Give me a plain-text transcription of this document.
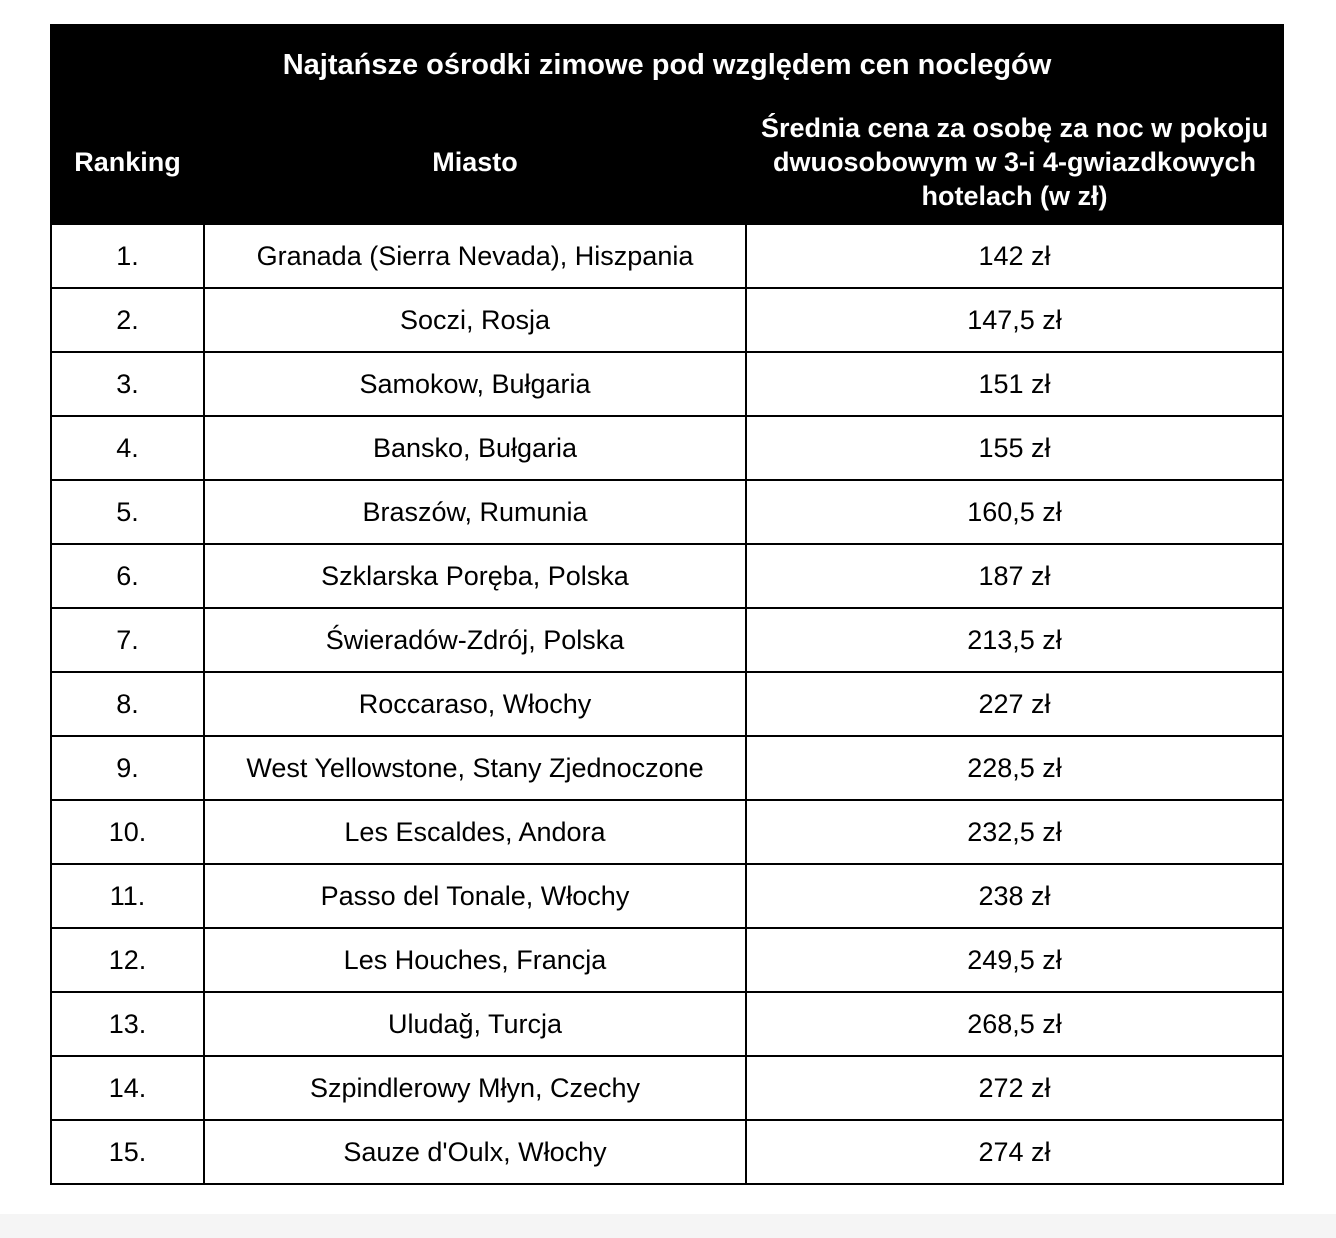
Najtańsze ośrodki zimowe pod względem cen noclegów		
Ranking	Miasto	Średnia cena za osobę za noc w pokoju dwuosobowym w 3-i 4-gwiazdkowych hotelach (w zł)
1.	Granada (Sierra Nevada), Hiszpania	142 zł
2.	Soczi, Rosja	147,5 zł
3.	Samokow, Bułgaria	151 zł
4.	Bansko, Bułgaria	155 zł
5.	Braszów, Rumunia	160,5 zł
6.	Szklarska Poręba, Polska	187 zł
7.	Świeradów-Zdrój, Polska	213,5 zł
8.	Roccaraso, Włochy	227 zł
9.	West Yellowstone, Stany Zjednoczone	228,5 zł
10.	Les Escaldes, Andora	232,5 zł
11.	Passo del Tonale, Włochy	238 zł
12.	Les Houches, Francja	249,5 zł
13.	Uludağ, Turcja	268,5 zł
14.	Szpindlerowy Młyn, Czechy	272 zł
15.	Sauze d'Oulx, Włochy	274 zł
